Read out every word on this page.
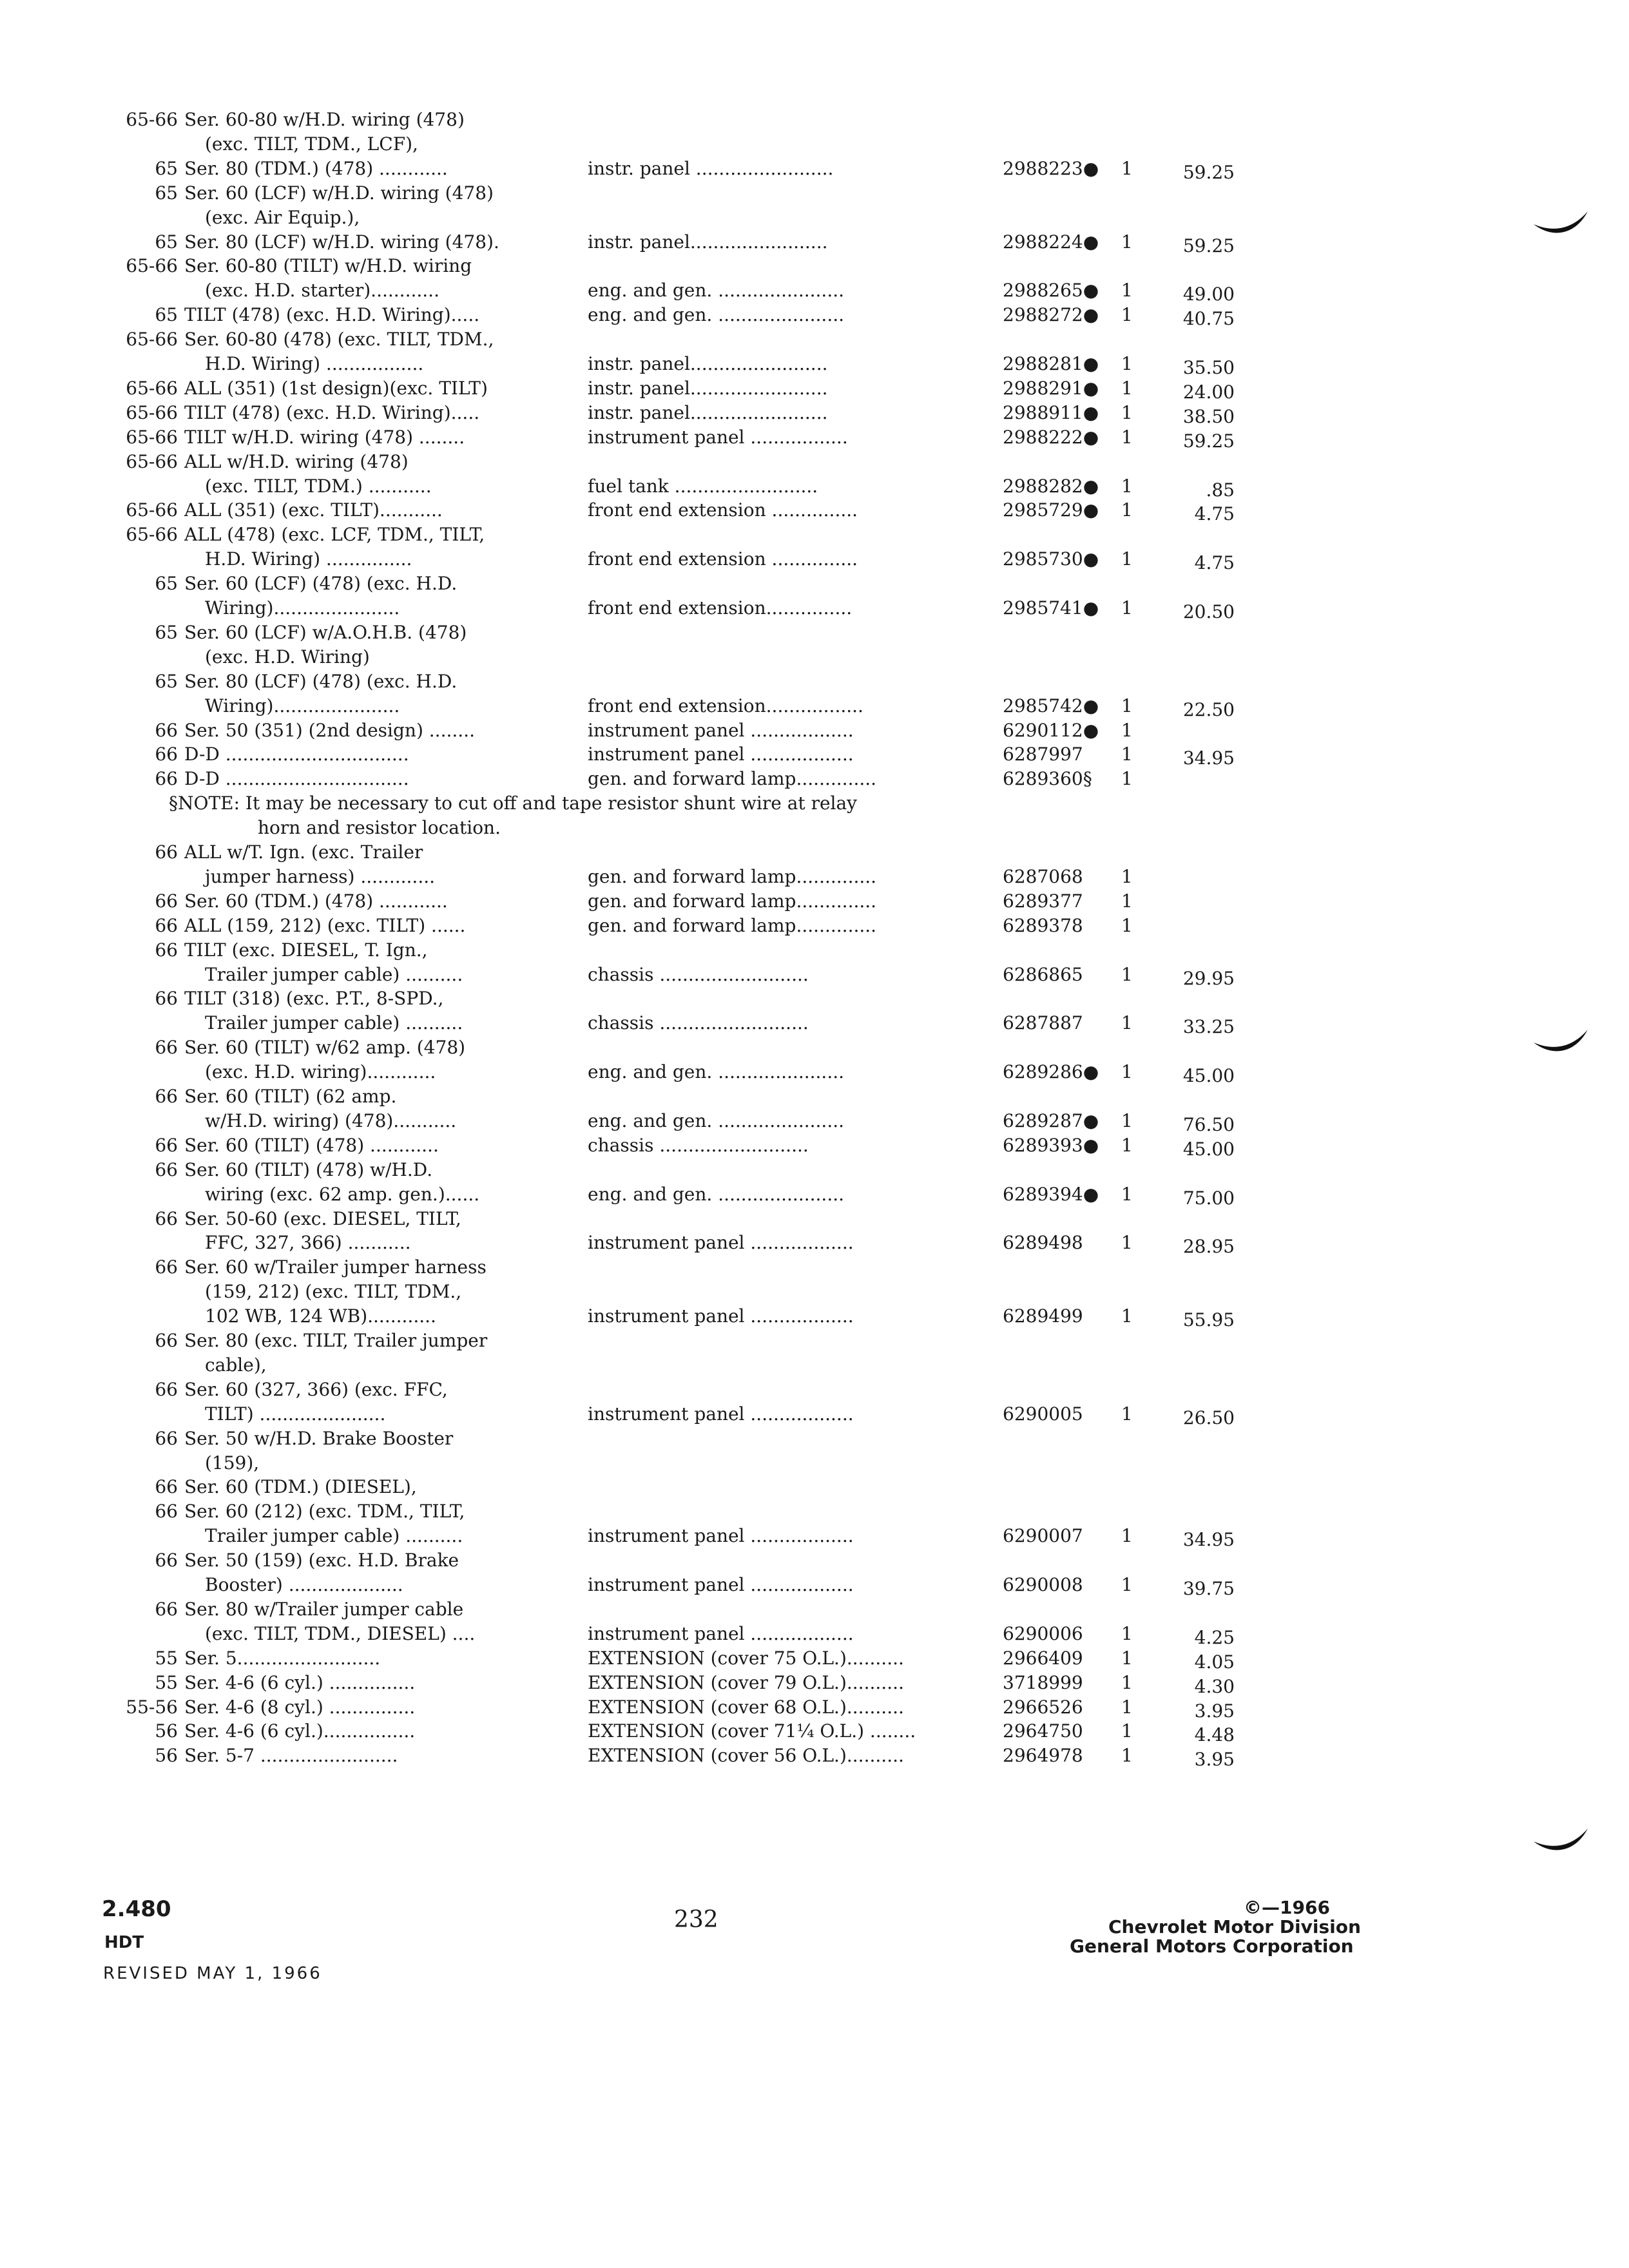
65-66 Ser. 60-80 w/H.D. wiring (478)
(exc. TILT, TDM., LCF),
65 Ser. 80 (TDM.) (478) ............	instr. panel ........................	2988223● 1	59.25
65 Ser. 60 (LCF) w/H.D. wiring (478)
(exc. Air Equip.),
65 Ser. 80 (LCF) w/H.D. wiring (478).	instr. panel........................	2988224● 1	59.25
65-66 Ser. 60-80 (TILT) w/H.D. wiring
(exc. H.D. starter)............	eng. and gen. ......................	2988265● 1	49.00
65 TILT (478) (exc. H.D. Wiring).....	eng. and gen. ......................	2988272● 1	40.75
65-66 Ser. 60-80 (478) (exc. TILT, TDM.,
H.D. Wiring) .................	instr. panel........................	2988281● 1	35.50
65-66 ALL (351) (1st design)(exc. TILT)	instr. panel........................	2988291● 1	24.00
65-66 TILT (478) (exc. H.D. Wiring).....	instr. panel........................	2988911● 1	38.50
65-66 TILT w/H.D. wiring (478) ........	instrument panel .................	2988222● 1	59.25
65-66 ALL w/H.D. wiring (478)
(exc. TILT, TDM.) ...........	fuel tank .........................	2988282● 1	.85
65-66 ALL (351) (exc. TILT)...........	front end extension ...............	2985729● 1	4.75
65-66 ALL (478) (exc. LCF, TDM., TILT,
H.D. Wiring) ...............	front end extension ...............	2985730● 1	4.75
65 Ser. 60 (LCF) (478) (exc. H.D.
Wiring)......................	front end extension...............	2985741● 1	20.50
65 Ser. 60 (LCF) w/A.O.H.B. (478)
(exc. H.D. Wiring)
65 Ser. 80 (LCF) (478) (exc. H.D.
Wiring)......................	front end extension.................	2985742● 1	22.50
66 Ser. 50 (351) (2nd design) ........	instrument panel ..................	6290112● 1
66 D-D ................................	instrument panel ..................	6287997 1	34.95
66 D-D ................................	gen. and forward lamp..............	6289360§ 1
§NOTE: It may be necessary to cut off and tape resistor shunt wire at relay
horn and resistor location.
66 ALL w/T. Ign. (exc. Trailer
jumper harness) .............	gen. and forward lamp..............	6287068 1
66 Ser. 60 (TDM.) (478) ............	gen. and forward lamp..............	6289377 1
66 ALL (159, 212) (exc. TILT) ......	gen. and forward lamp..............	6289378 1
66 TILT (exc. DIESEL, T. Ign.,
Trailer jumper cable) ..........	chassis ..........................	6286865 1	29.95
66 TILT (318) (exc. P.T., 8-SPD.,
Trailer jumper cable) ..........	chassis ..........................	6287887 1	33.25
66 Ser. 60 (TILT) w/62 amp. (478)
(exc. H.D. wiring)............	eng. and gen. ......................	6289286● 1	45.00
66 Ser. 60 (TILT) (62 amp.
w/H.D. wiring) (478)...........	eng. and gen. ......................	6289287● 1	76.50
66 Ser. 60 (TILT) (478) ............	chassis ..........................	6289393● 1	45.00
66 Ser. 60 (TILT) (478) w/H.D.
wiring (exc. 62 amp. gen.)......	eng. and gen. ......................	6289394● 1	75.00
66 Ser. 50-60 (exc. DIESEL, TILT,
FFC, 327, 366) ...........	instrument panel ..................	6289498 1	28.95
66 Ser. 60 w/Trailer jumper harness
(159, 212) (exc. TILT, TDM.,
102 WB, 124 WB)............	instrument panel ..................	6289499 1	55.95
66 Ser. 80 (exc. TILT, Trailer jumper
cable),
66 Ser. 60 (327, 366) (exc. FFC,
TILT) ......................	instrument panel ..................	6290005 1	26.50
66 Ser. 50 w/H.D. Brake Booster
(159),
66 Ser. 60 (TDM.) (DIESEL),
66 Ser. 60 (212) (exc. TDM., TILT,
Trailer jumper cable) ..........	instrument panel ..................	6290007 1	34.95
66 Ser. 50 (159) (exc. H.D. Brake
Booster) ....................	instrument panel ..................	6290008 1	39.75
66 Ser. 80 w/Trailer jumper cable
(exc. TILT, TDM., DIESEL) ....	instrument panel ..................	6290006 1	4.25
55 Ser. 5.........................	EXTENSION (cover 75 O.L.)..........	2966409 1	4.05
55 Ser. 4-6 (6 cyl.) ...............	EXTENSION (cover 79 O.L.)..........	3718999 1	4.30
55-56 Ser. 4-6 (8 cyl.) ...............	EXTENSION (cover 68 O.L.)..........	2966526 1	3.95
56 Ser. 4-6 (6 cyl.)................	EXTENSION (cover 71¼ O.L.) ........	2964750 1	4.48
56 Ser. 5-7 ........................	EXTENSION (cover 56 O.L.)..........	2964978 1	3.95
2.480
HDT
REVISED MAY 1, 1966
232	©—1966
Chevrolet Motor Division
General Motors Corporation
